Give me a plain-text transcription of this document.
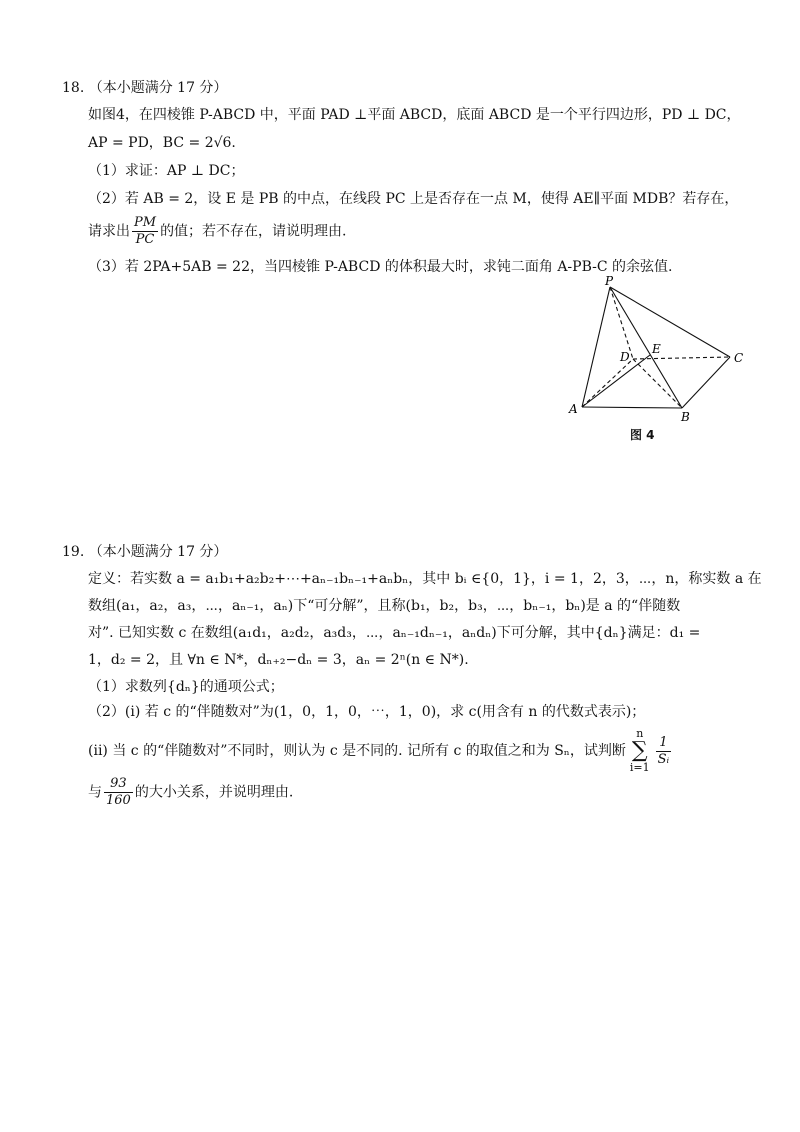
18. （本小题满分 17 分）
如图4，在四棱锥 P-ABCD 中，平面 PAD ⊥平面 ABCD，底面 ABCD 是一个平行四边形，PD ⊥ DC，
AP = PD，BC = 2√6.
（1）求证：AP ⊥ DC；
（2）若 AB = 2，设 E 是 PB 的中点，在线段 PC 上是否存在一点 M，使得 AE∥平面 MDB？若存在，
请求出 $\frac{PM}{PC}$ 的值；若不存在，请说明理由.
（3）若 2PA+5AB = 22，当四棱锥 P-ABCD 的体积最大时，求钝二面角 A-PB-C 的余弦值.
P
A
B
C
D
E
图 4
19. （本小题满分 17 分）
定义：若实数 a = a₁b₁+a₂b₂+⋯+aₙ₋₁bₙ₋₁+aₙbₙ，其中 bᵢ ∈{0，1}，i = 1，2，3，⋯，n，称实数 a 在
数组(a₁，a₂，a₃，⋯，aₙ₋₁，aₙ)下“可分解”，且称(b₁，b₂，b₃，⋯，bₙ₋₁，bₙ)是 a 的“伴随数
对”. 已知实数 c 在数组(a₁d₁，a₂d₂，a₃d₃，⋯，aₙ₋₁dₙ₋₁，aₙdₙ)下可分解，其中{dₙ}满足：d₁ =
1，d₂ = 2，且 ∀n ∈ N*，dₙ₊₂−dₙ = 3，aₙ = 2ⁿ(n ∈ N*).
（1）求数列{dₙ}的通项公式；
（2）(i) 若 c 的“伴随数对”为(1，0，1，0，⋯，1，0)，求 c(用含有 n 的代数式表示)；
(ii) 当 c 的“伴随数对”不同时，则认为 c 是不同的. 记所有 c 的取值之和为 Sₙ，试判断n
∑
$i=1 \frac{1}{\text{Sᵢ}}$
与 $\frac{93}{160}$ 的大小关系，并说明理由.
